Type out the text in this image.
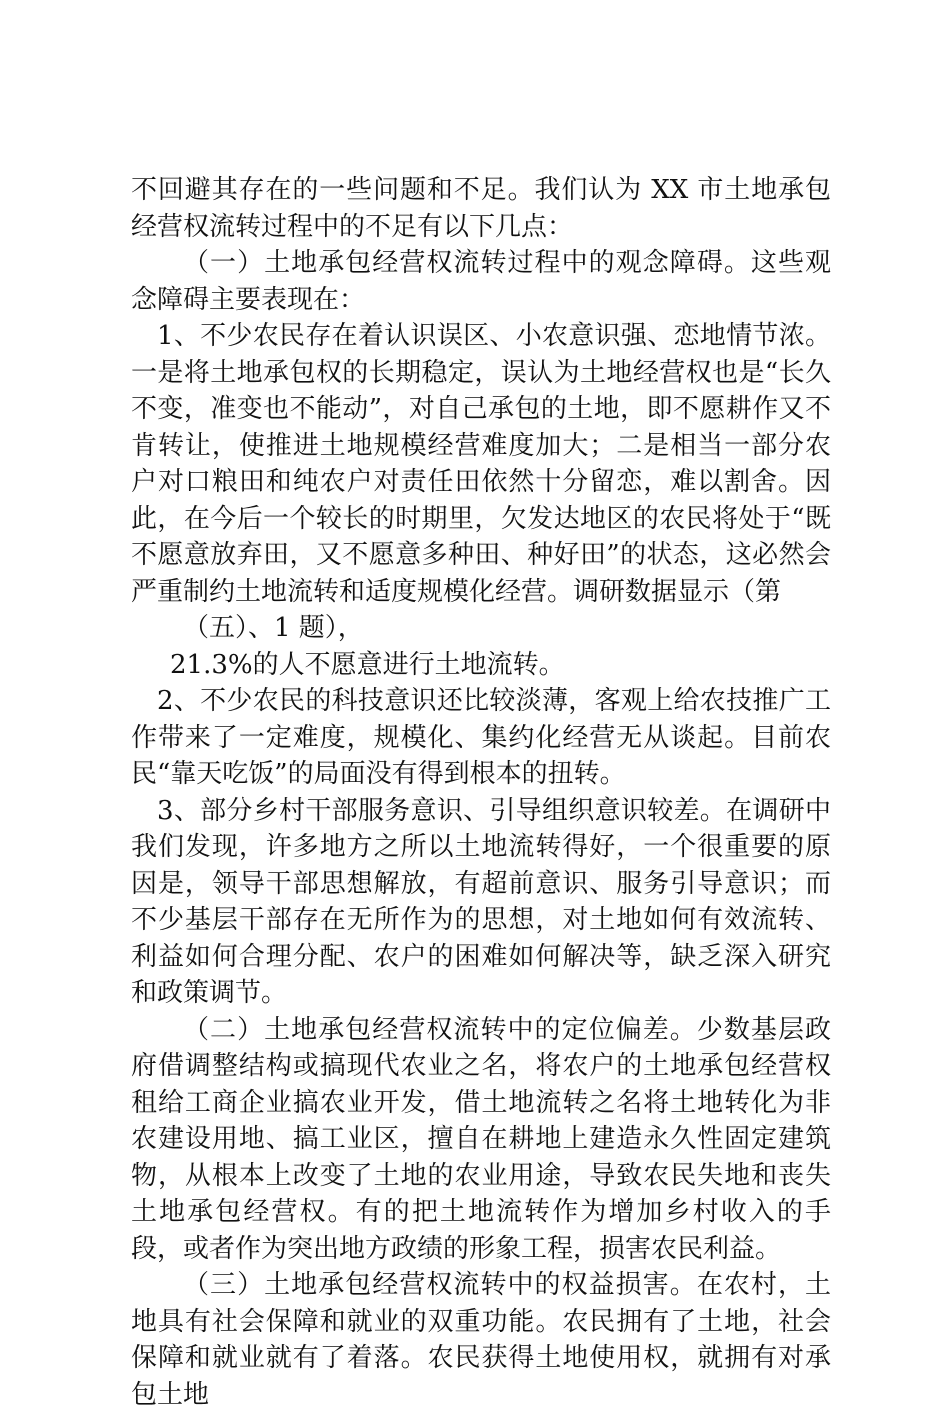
不回避其存在的一些问题和不足。我们认为 XX 市土地承包经营权流转过程中的不足有以下几点：

（一）土地承包经营权流转过程中的观念障碍。这些观念障碍主要表现在：

1、不少农民存在着认识误区、小农意识强、恋地情节浓。一是将土地承包权的长期稳定，误认为土地经营权也是“长久不变，准变也不能动”，对自己承包的土地，即不愿耕作又不肯转让，使推进土地规模经营难度加大；二是相当一部分农户对口粮田和纯农户对责任田依然十分留恋，难以割舍。因此，在今后一个较长的时期里，欠发达地区的农民将处于“既不愿意放弃田，又不愿意多种田、种好田”的状态，这必然会严重制约土地流转和适度规模化经营。调研数据显示（第

（五）、1 题），

21.3%的人不愿意进行土地流转。

2、不少农民的科技意识还比较淡薄，客观上给农技推广工作带来了一定难度，规模化、集约化经营无从谈起。目前农民“靠天吃饭”的局面没有得到根本的扭转。

3、部分乡村干部服务意识、引导组织意识较差。在调研中我们发现，许多地方之所以土地流转得好，一个很重要的原因是，领导干部思想解放，有超前意识、服务引导意识；而不少基层干部存在无所作为的思想，对土地如何有效流转、利益如何合理分配、农户的困难如何解决等，缺乏深入研究和政策调节。

（二）土地承包经营权流转中的定位偏差。少数基层政府借调整结构或搞现代农业之名，将农户的土地承包经营权租给工商企业搞农业开发，借土地流转之名将土地转化为非农建设用地、搞工业区，擅自在耕地上建造永久性固定建筑物，从根本上改变了土地的农业用途，导致农民失地和丧失土地承包经营权。有的把土地流转作为增加乡村收入的手段，或者作为突出地方政绩的形象工程，损害农民利益。

（三）土地承包经营权流转中的权益损害。在农村，土地具有社会保障和就业的双重功能。农民拥有了土地，社会保障和就业就有了着落。农民获得土地使用权，就拥有对承包土地
